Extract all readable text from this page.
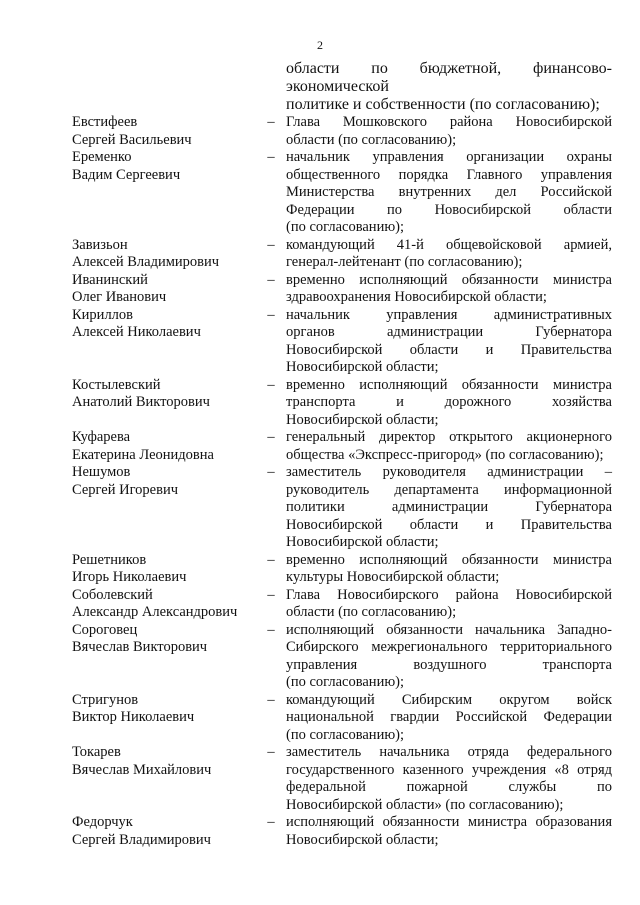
2
области по бюджетной, финансово-экономической
политике и собственности (по согласованию);
Евстифеев
Сергей Васильевич
– Глава Мошковского района Новосибирской
области (по согласованию);
Еременко
Вадим Сергеевич
– начальник управления организации охраны
общественного порядка Главного управления
Министерства внутренних дел Российской
Федерации по Новосибирской области
(по согласованию);
Завизьон
Алексей Владимирович
– командующий 41-й общевойсковой армией,
генерал-лейтенант (по согласованию);
Иванинский
Олег Иванович
– временно исполняющий обязанности министра
здравоохранения Новосибирской области;
Кириллов
Алексей Николаевич
– начальник управления административных
органов администрации Губернатора
Новосибирской области и Правительства
Новосибирской области;
Костылевский
Анатолий Викторович
– временно исполняющий обязанности министра
транспорта и дорожного хозяйства
Новосибирской области;
Куфарева
Екатерина Леонидовна
– генеральный директор открытого акционерного
общества «Экспресс-пригород» (по согласованию);
Нешумов
Сергей Игоревич
– заместитель руководителя администрации –
руководитель департамента информационной
политики администрации Губернатора
Новосибирской области и Правительства
Новосибирской области;
Решетников
Игорь Николаевич
– временно исполняющий обязанности министра
культуры Новосибирской области;
Соболевский
Александр Александрович
– Глава Новосибирского района Новосибирской
области (по согласованию);
Сороговец
Вячеслав Викторович
– исполняющий обязанности начальника Западно-
Сибирского межрегионального территориального
управления воздушного транспорта
(по согласованию);
Стригунов
Виктор Николаевич
– командующий Сибирским округом войск
национальной гвардии Российской Федерации
(по согласованию);
Токарев
Вячеслав Михайлович
– заместитель начальника отряда федерального
государственного казенного учреждения «8 отряд
федеральной пожарной службы по
Новосибирской области» (по согласованию);
Федорчук
Сергей Владимирович
– исполняющий обязанности министра образования
Новосибирской области;
